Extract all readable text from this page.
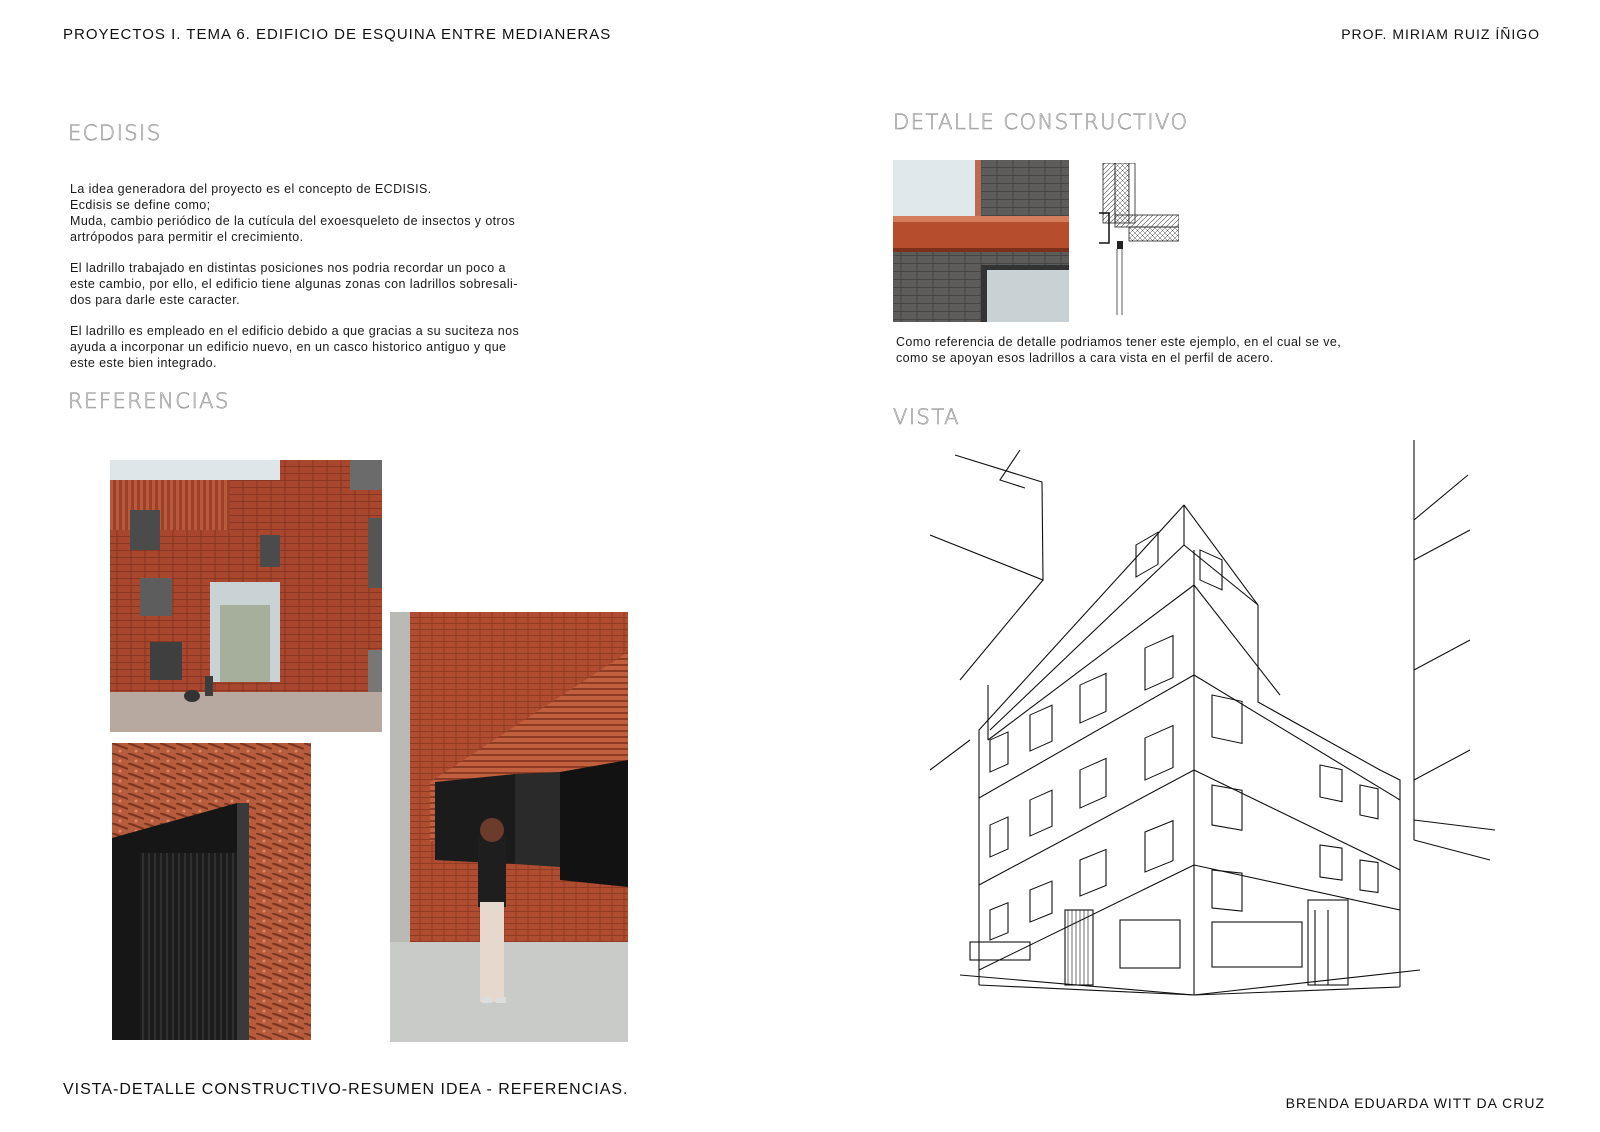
PROYECTOS I. TEMA 6. EDIFICIO DE ESQUINA ENTRE MEDIANERAS	PROF. MIRIAM RUIZ ÍÑIGO
ECDISIS

La idea generadora del proyecto es el concepto de ECDISIS.
Ecdisis se define como;
Muda, cambio periódico de la cutícula del exoesqueleto de insectos y otros
artrópodos para permitir el crecimiento.

El ladrillo trabajado en distintas posiciones nos podria recordar un poco a
este cambio, por ello, el edificio tiene algunas zonas con ladrillos sobresali-
dos para darle este caracter.

El ladrillo es empleado en el edificio debido a que gracias a su suciteza nos
ayuda a incorponar un edificio nuevo, en un casco historico antiguo y que
este este bien integrado.

REFERENCIAS
DETALLE CONSTRUCTIVO

Como referencia de detalle podriamos tener este ejemplo, en el cual se ve,
como se apoyan esos ladrillos a cara vista en el perfil de acero.

VISTA
VISTA-DETALLE CONSTRUCTIVO-RESUMEN IDEA - REFERENCIAS.
BRENDA EDUARDA WITT DA CRUZ
